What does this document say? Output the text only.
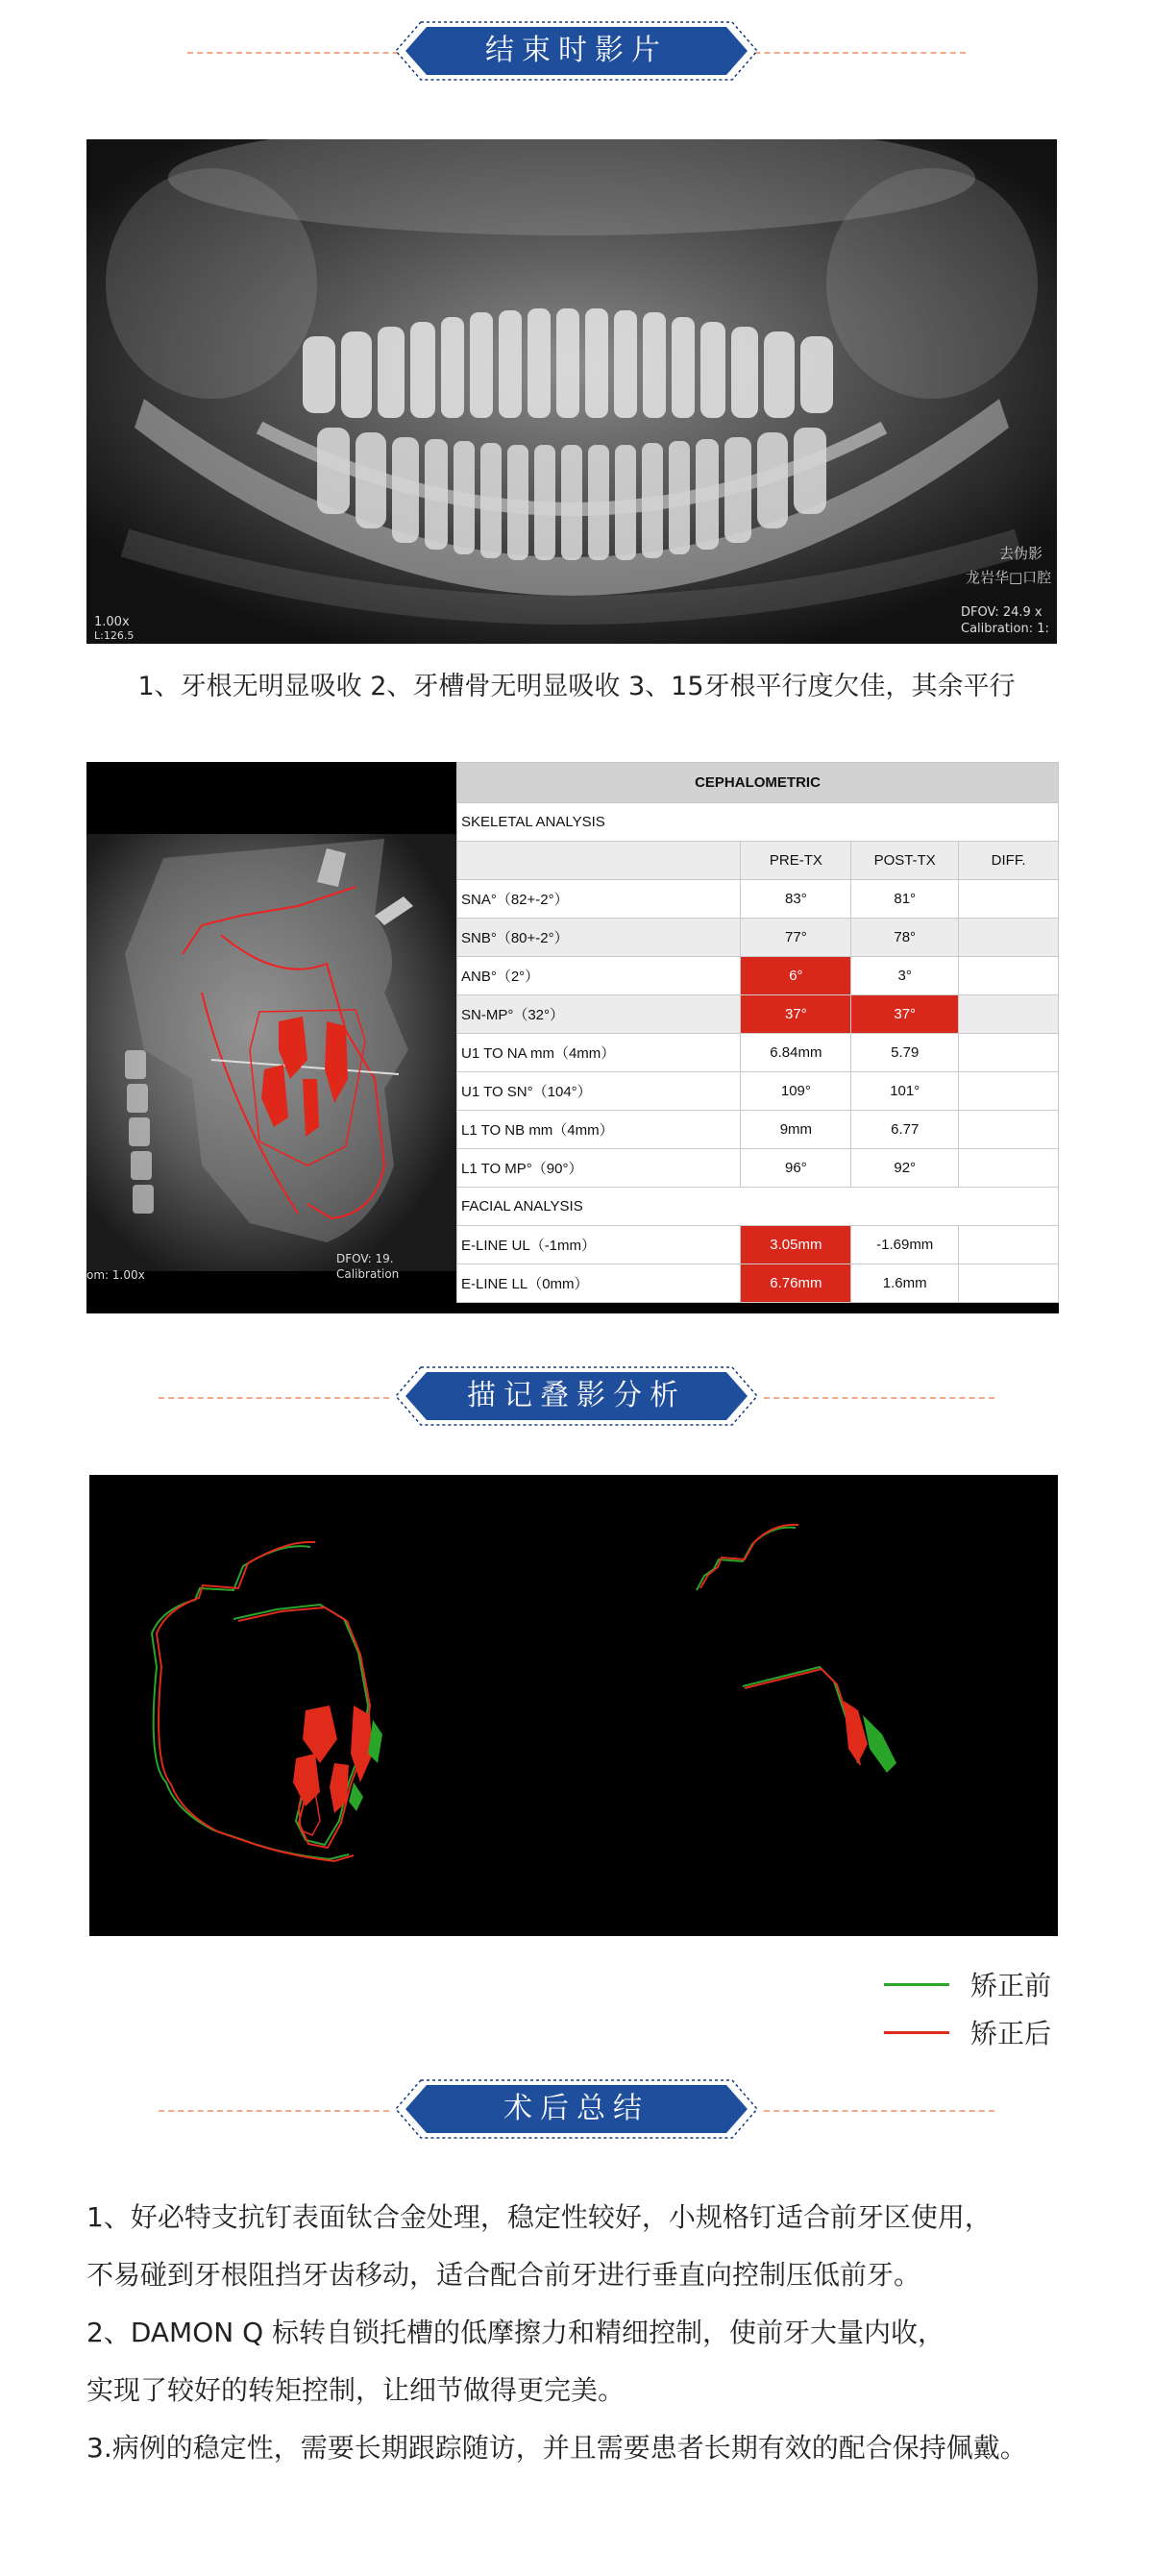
结束时影片
1.00x
L:126.5
去伪影
龙岩华□口腔
DFOV: 24.9 x
Calibration: 1:
1、牙根无明显吸收 2、牙槽骨无明显吸收 3、15牙根平行度欠佳，其余平行
DFOV: 19.
Calibration
om: 1.00x
CEPHALOMETRIC			
SKELETAL ANALYSIS			
	PRE-TX	POST-TX	DIFF.
SNA°（82+-2°）	83°	81°	
SNB°（80+-2°）	77°	78°	
ANB°（2°）	6°	3°	
SN-MP°（32°）	37°	37°	
U1 TO NA mm（4mm）	6.84mm	5.79	
U1 TO SN°（104°）	109°	101°	
L1 TO NB mm（4mm）	9mm	6.77	
L1 TO MP°（90°）	96°	92°	
FACIAL ANALYSIS			
E-LINE UL（-1mm）	3.05mm	-1.69mm	
E-LINE LL（0mm）	6.76mm	1.6mm	
描记叠影分析
矫正前
矫正后
术后总结

1、好必特支抗钉表面钛合金处理，稳定性较好，小规格钉适合前牙区使用，

不易碰到牙根阻挡牙齿移动，适合配合前牙进行垂直向控制压低前牙。

2、DAMON Q 标转自锁托槽的低摩擦力和精细控制，使前牙大量内收，

实现了较好的转矩控制，让细节做得更完美。

3.病例的稳定性，需要长期跟踪随访，并且需要患者长期有效的配合保持佩戴。
